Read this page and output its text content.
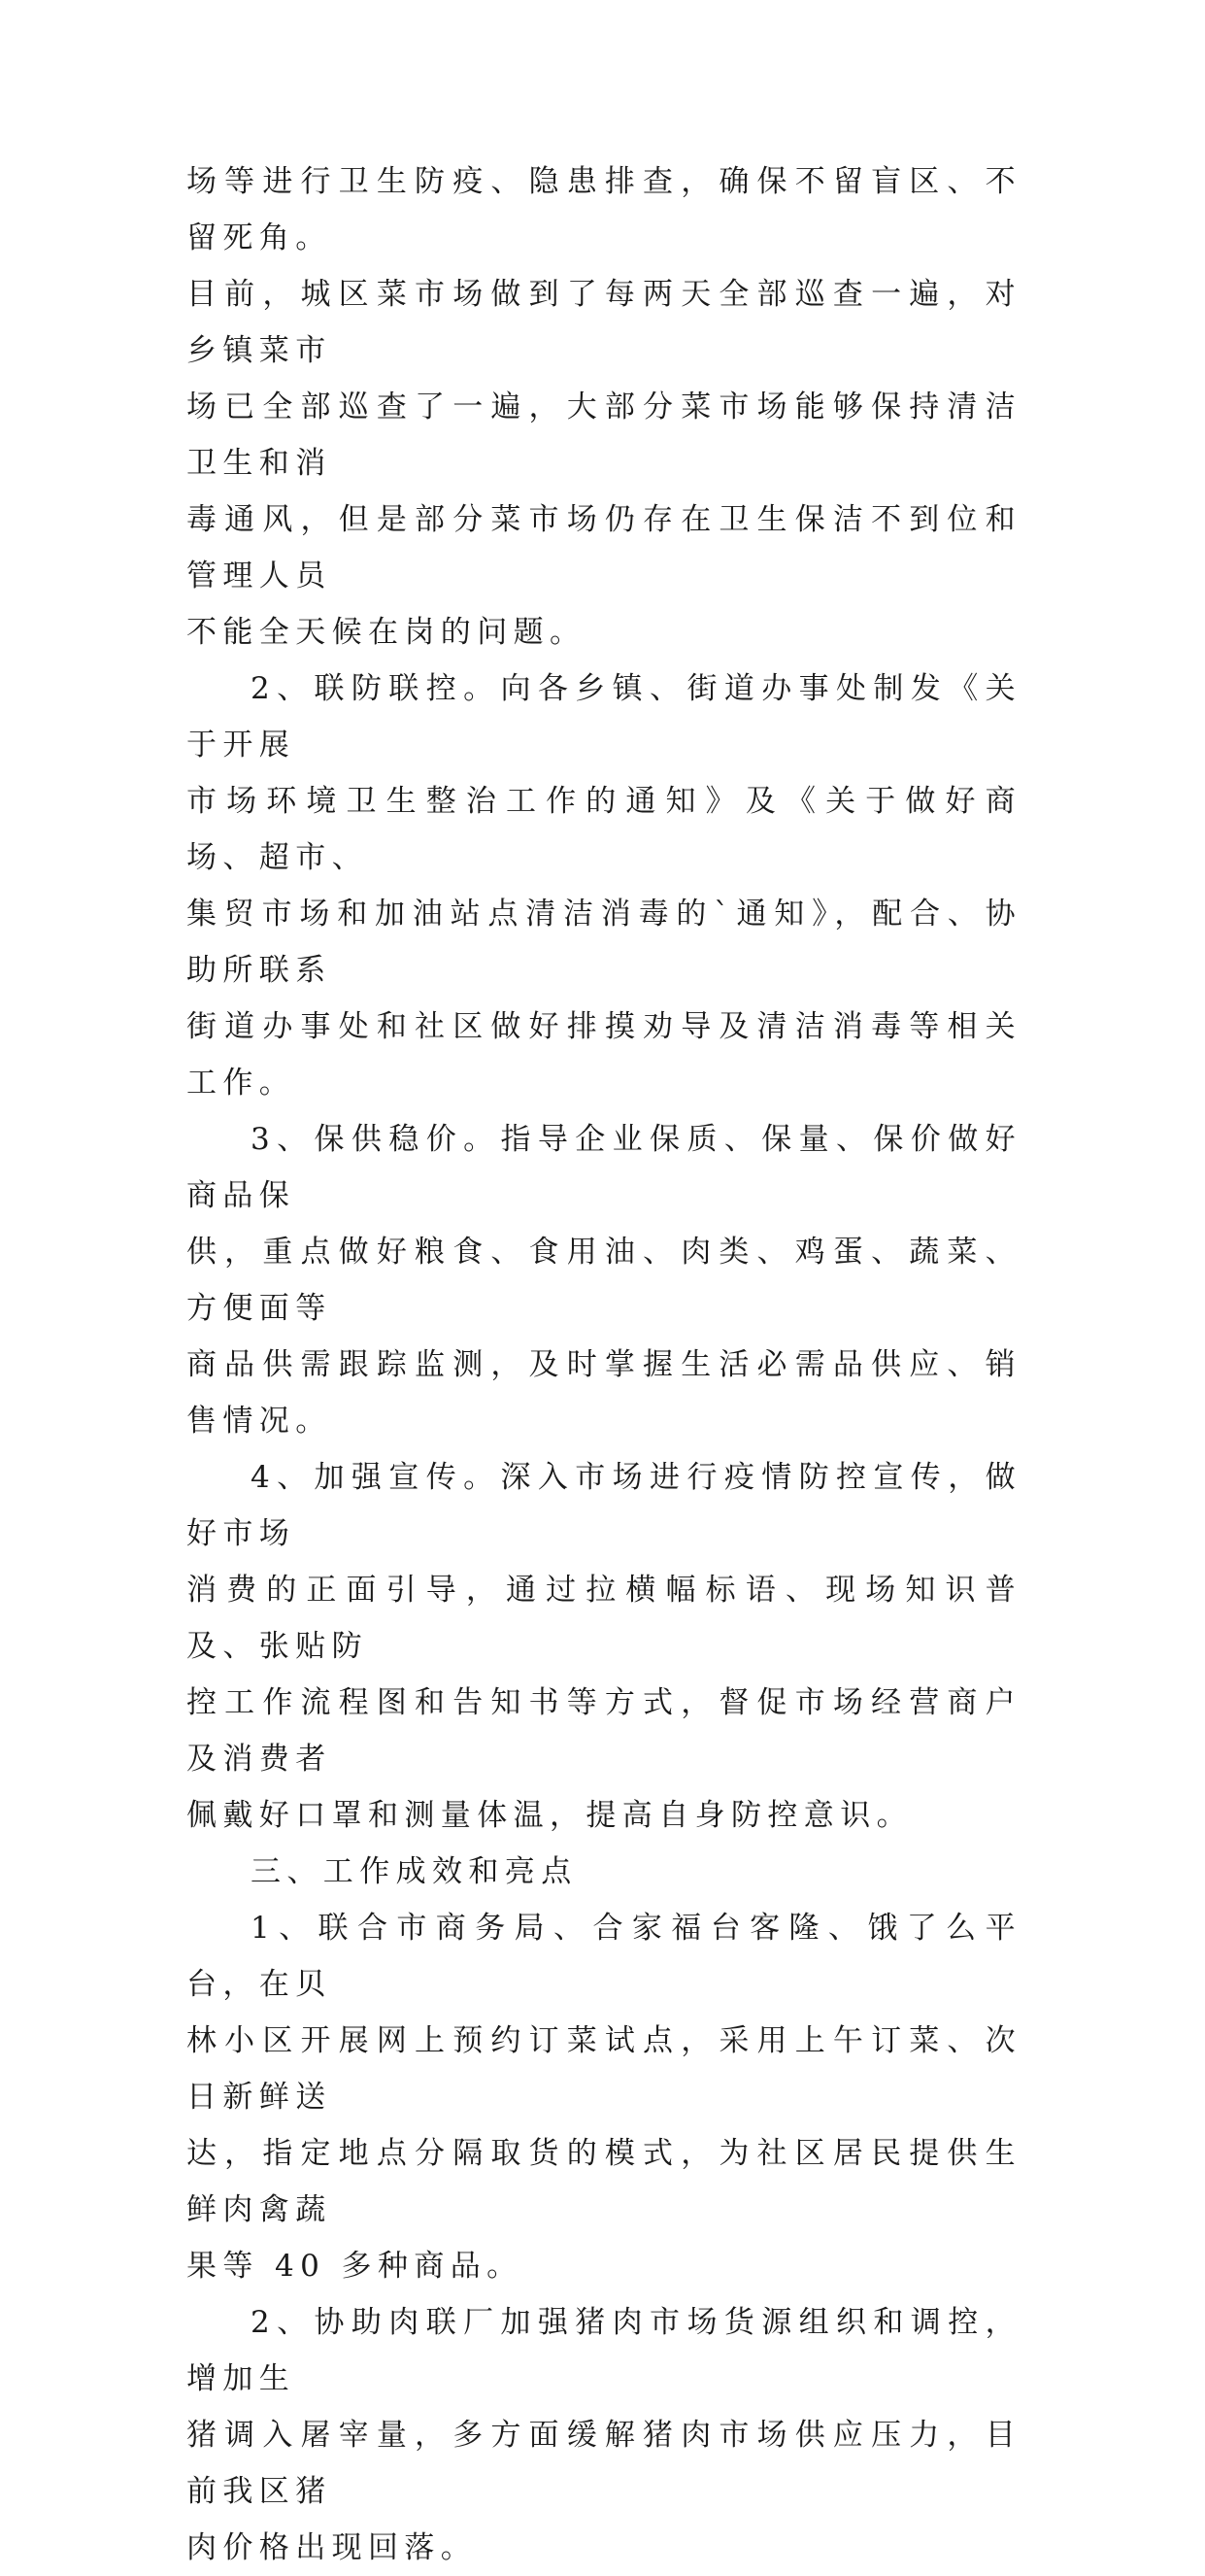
场等进行卫生防疫、隐患排查，确保不留盲区、不留死角。
目前，城区菜市场做到了每两天全部巡查一遍，对乡镇菜市
场已全部巡查了一遍，大部分菜市场能够保持清洁卫生和消
毒通风，但是部分菜市场仍存在卫生保洁不到位和管理人员
不能全天候在岗的问题。

2、联防联控。向各乡镇、街道办事处制发《关于开展
市场环境卫生整治工作的通知》及《关于做好商场、超市、
集贸市场和加油站点清洁消毒的`通知》，配合、协助所联系
街道办事处和社区做好排摸劝导及清洁消毒等相关工作。

3、保供稳价。指导企业保质、保量、保价做好商品保
供，重点做好粮食、食用油、肉类、鸡蛋、蔬菜、方便面等
商品供需跟踪监测，及时掌握生活必需品供应、销售情况。

4、加强宣传。深入市场进行疫情防控宣传，做好市场
消费的正面引导，通过拉横幅标语、现场知识普及、张贴防
控工作流程图和告知书等方式，督促市场经营商户及消费者
佩戴好口罩和测量体温，提高自身防控意识。

三、工作成效和亮点

1、联合市商务局、合家福台客隆、饿了么平台，在贝
林小区开展网上预约订菜试点，采用上午订菜、次日新鲜送
达，指定地点分隔取货的模式，为社区居民提供生鲜肉禽蔬
果等 40 多种商品。

2、协助肉联厂加强猪肉市场货源组织和调控，增加生
猪调入屠宰量，多方面缓解猪肉市场供应压力，目前我区猪
肉价格出现回落。
